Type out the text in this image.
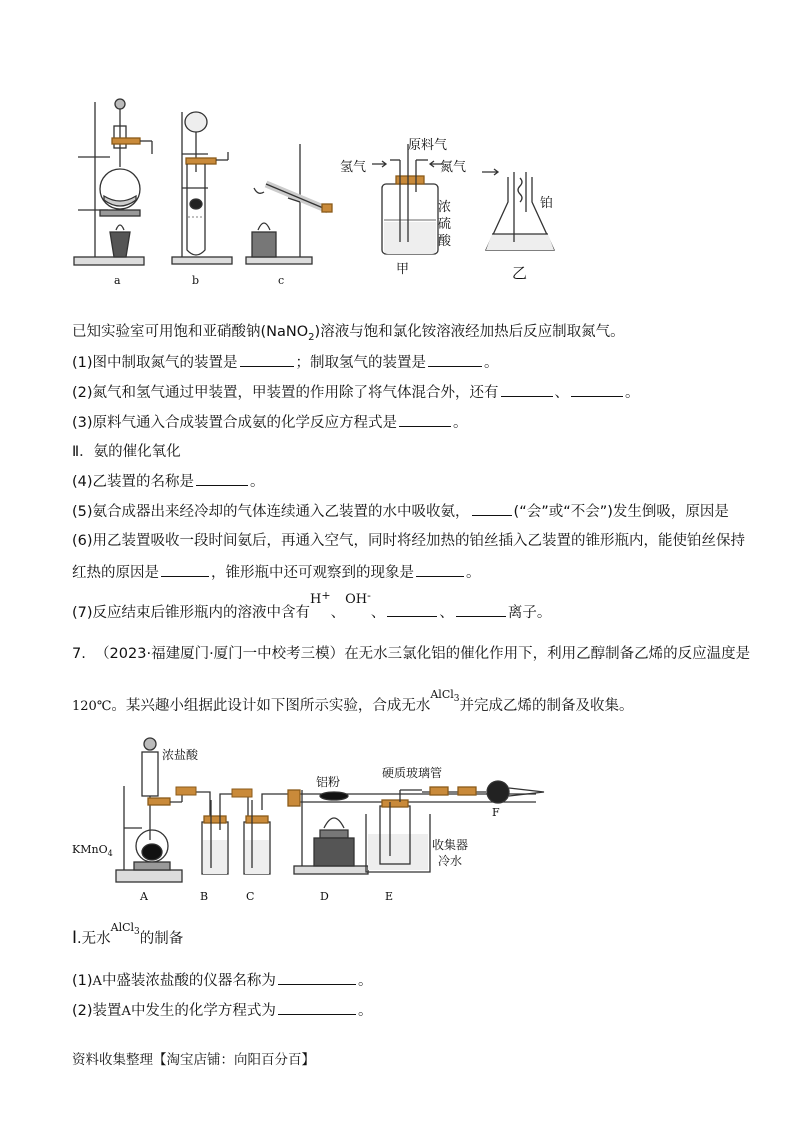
a	b	c
原料气
氢气	氮气
浓
硫
酸
甲
铂
乙
已知实验室可用饱和亚硝酸钠(NaNO$_2$)溶液与饱和氯化铵溶液经加热后反应制取氮气。
(1)图中制取氮气的装置是	；制取氢气的装置是	。
(2)氮气和氢气通过甲装置，甲装置的作用除了将气体混合外，还有	、	。
(3)原料气通入合成装置合成氨的化学反应方程式是	。
Ⅱ．氨的催化氧化
(4)乙装置的名称是	。
(5)氨合成器出来经冷却的气体连续通入乙装置的水中吸收氨，	(“会”或“不会”)发生倒吸，原因是
(6)用乙装置吸收一段时间氨后，再通入空气，同时将经加热的铂丝插入乙装置的锥形瓶内，能使铂丝保持
红热的原因是	，锥形瓶中还可观察到的现象是	。
(7)反应结束后锥形瓶内的溶液中含有H+、OH-、	、	离子。
7. （2023·福建厦门·厦门一中校考三模）在无水三氯化铝的催化作用下，利用乙醇制备乙烯的反应温度是
120℃。某兴趣小组据此设计如下图所示实验，合成无水$^{AlCl_3}$并完成乙烯的制备及收集。
浓盐酸
KMnO$_4$
铝粉
硬质玻璃管
收集器
冷水
F
A	B	C	D	E
Ⅰ.无水$^{AlCl_3}$的制备
(1)A中盛装浓盐酸的仪器名称为	。
(2)装置A中发生的化学方程式为	。
资料收集整理【淘宝店铺：向阳百分百】
